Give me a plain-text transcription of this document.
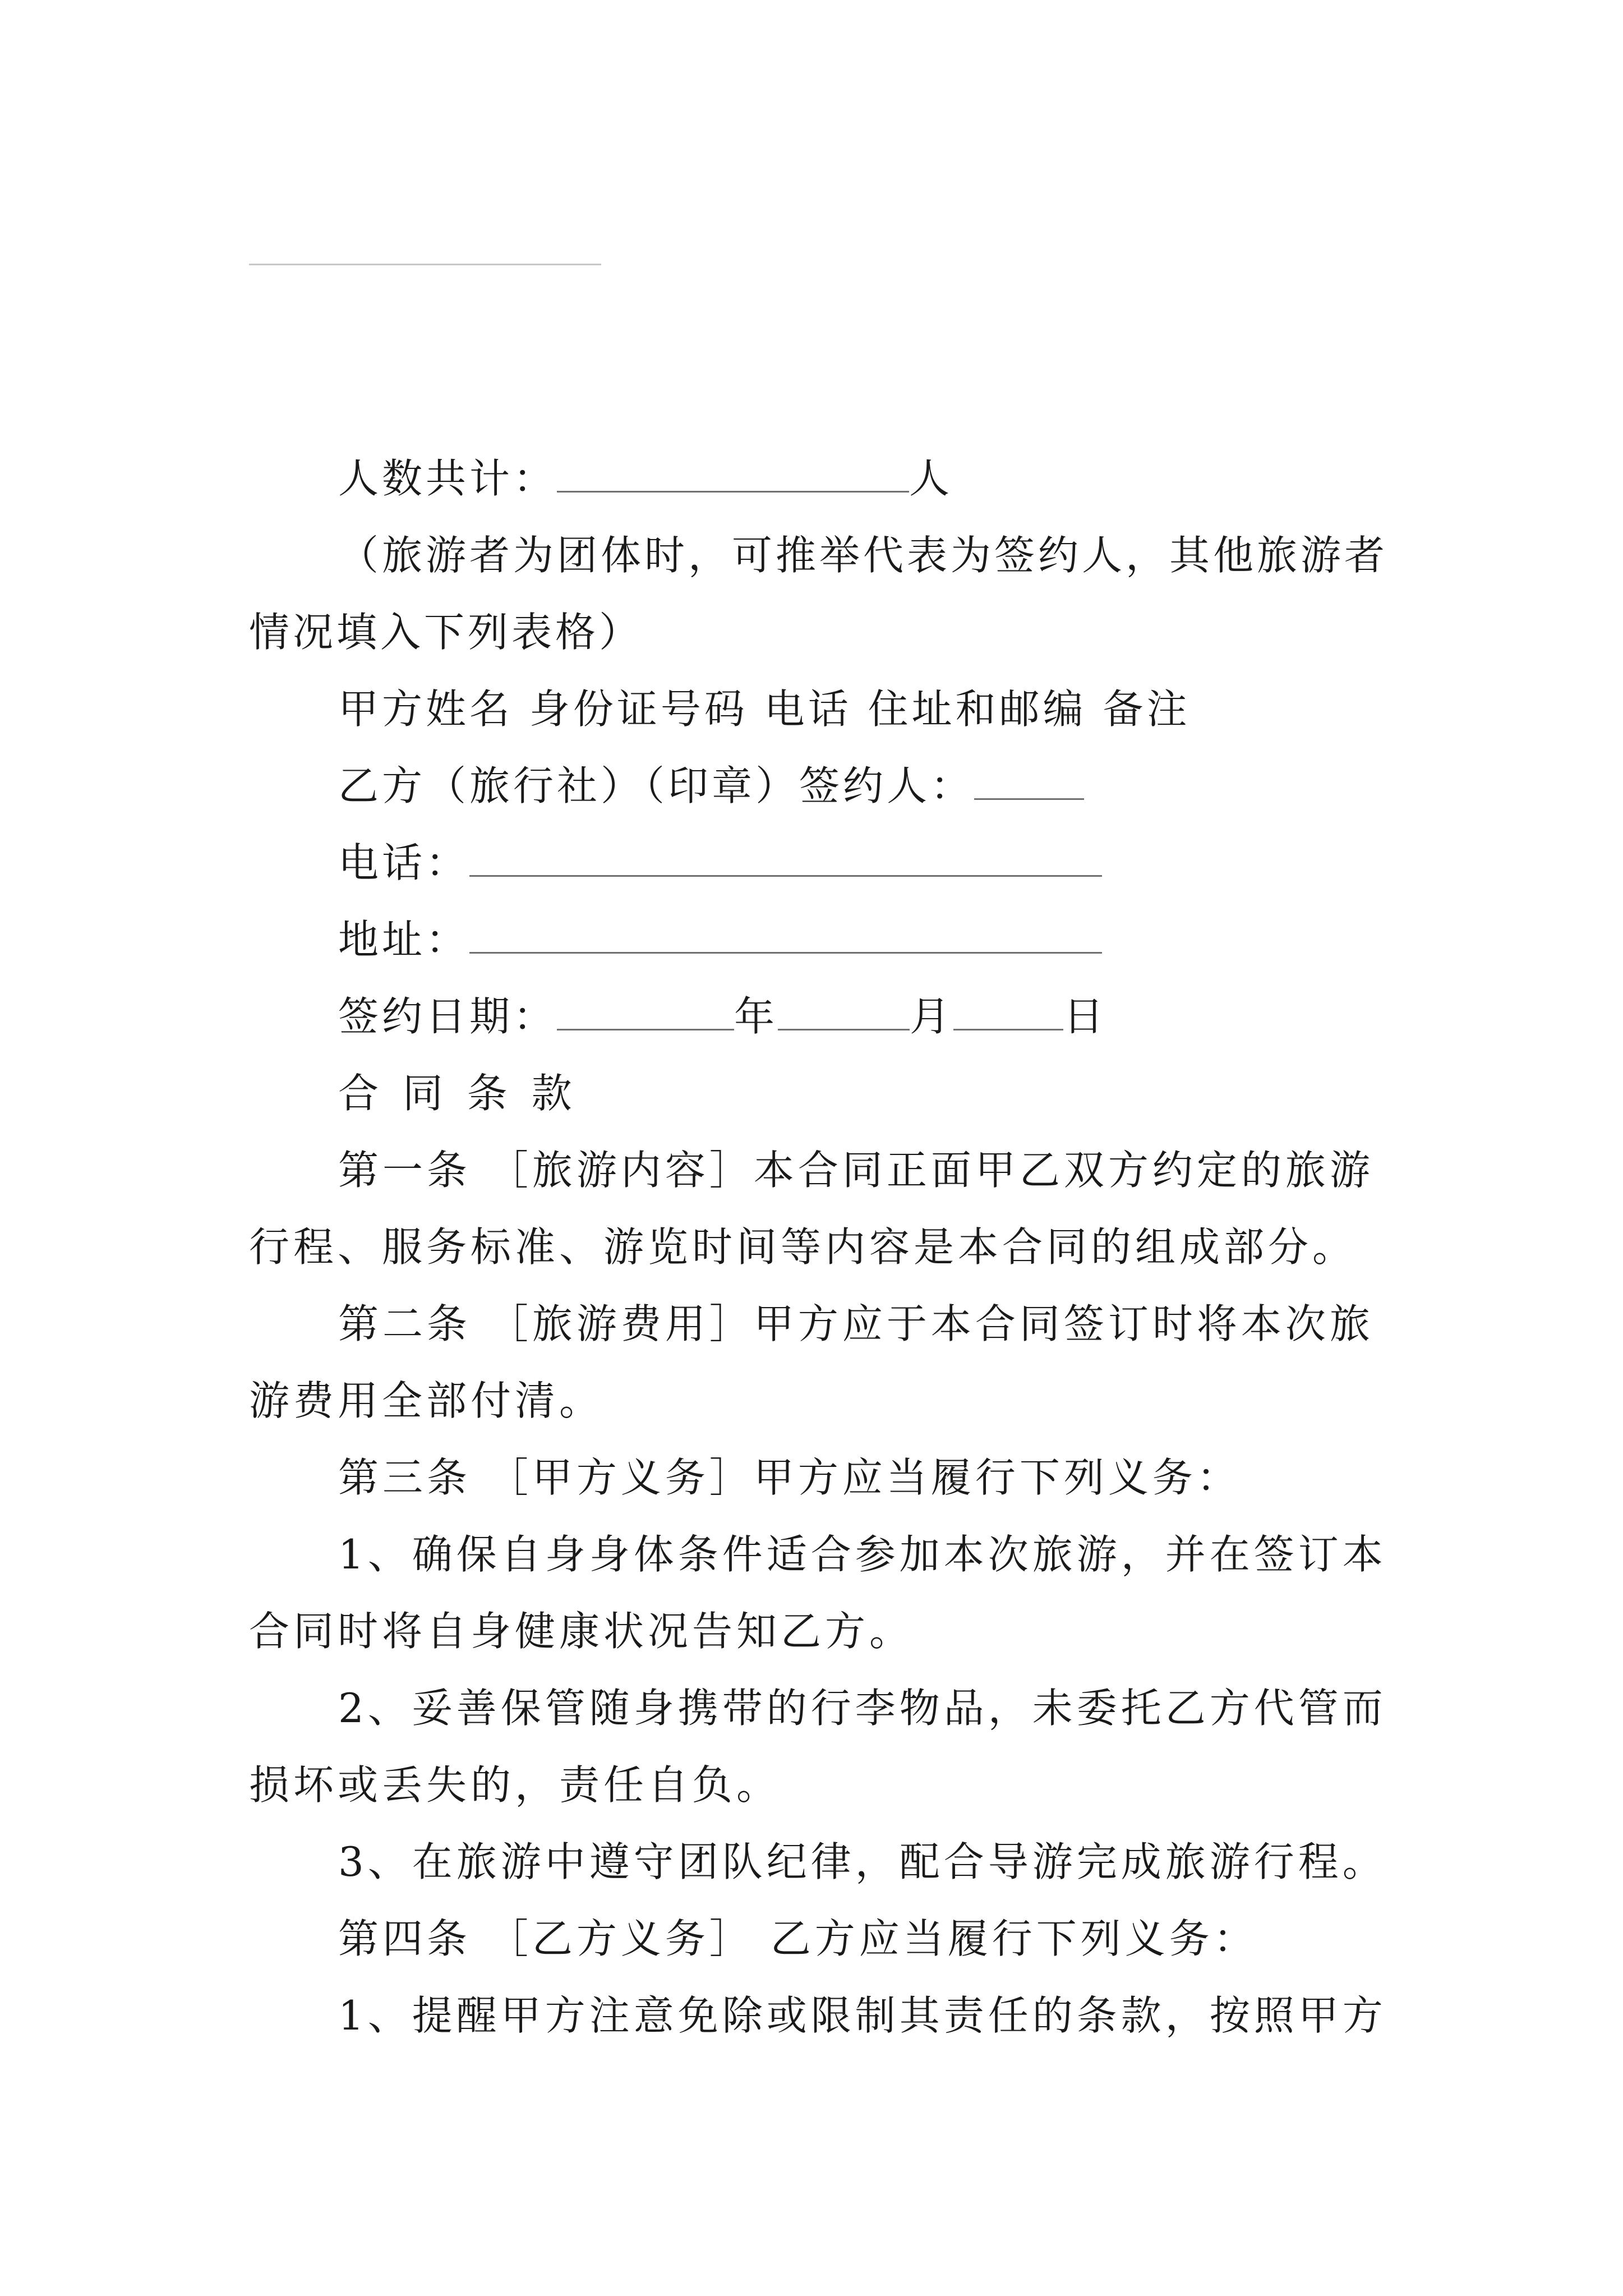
人数共计：	人
（旅游者为团体时，可推举代表为签约人，其他旅游者
情况填入下列表格）
甲方姓名 身份证号码 电话 住址和邮编 备注
乙方（旅行社）（印章）签约人：
电话：
地址：
签约日期：	年	月	日
合 同 条 款
第一条 ［旅游内容］本合同正面甲乙双方约定的旅游
行程、服务标准、游览时间等内容是本合同的组成部分。
第二条 ［旅游费用］甲方应于本合同签订时将本次旅
游费用全部付清。
第三条 ［甲方义务］甲方应当履行下列义务：
1、确保自身身体条件适合参加本次旅游，并在签订本
合同时将自身健康状况告知乙方。
2、妥善保管随身携带的行李物品，未委托乙方代管而
损坏或丢失的，责任自负。
3、在旅游中遵守团队纪律，配合导游完成旅游行程。
第四条 ［乙方义务］ 乙方应当履行下列义务：
1、提醒甲方注意免除或限制其责任的条款，按照甲方
